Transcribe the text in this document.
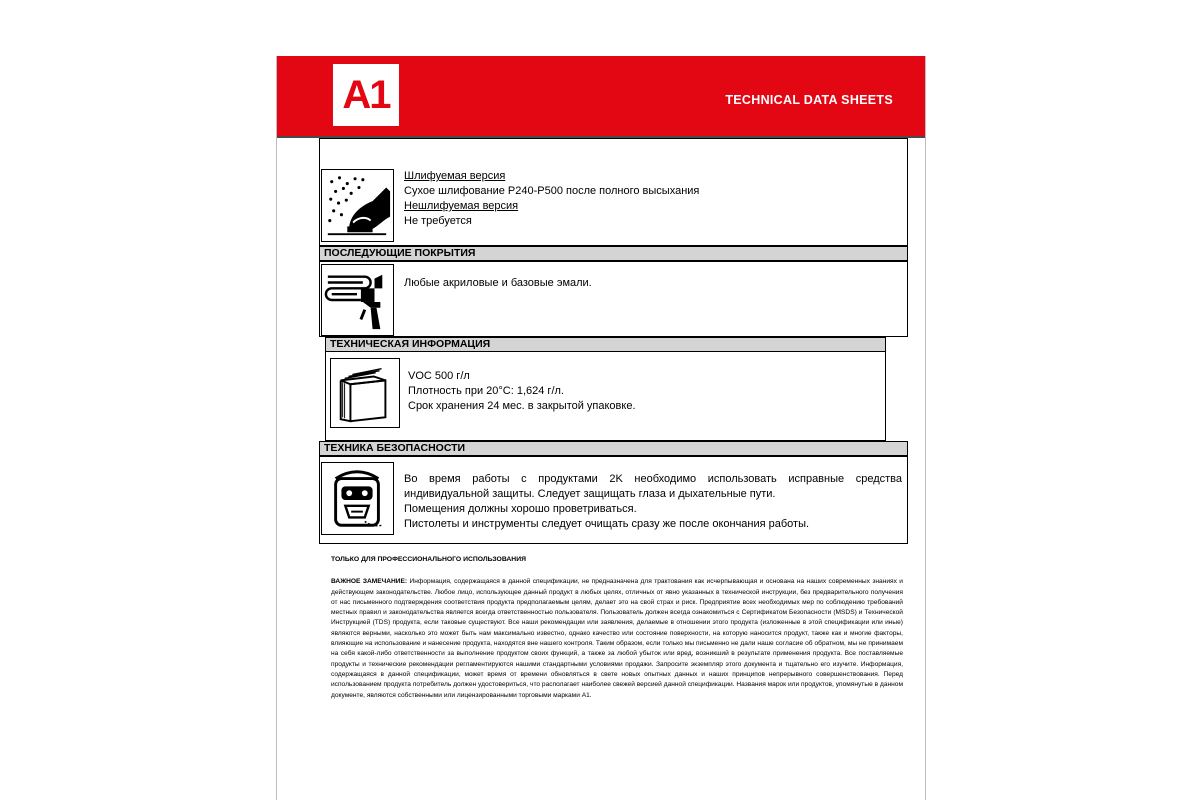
A1	TECHNICAL DATA SHEETS
Шлифуемая версия
Сухое шлифование P240-P500 после полного высыхания
Нешлифуемая версия
Не требуется
ПОСЛЕДУЮЩИЕ ПОКРЫТИЯ
Любые акриловые и базовые эмали.
ТЕХНИЧЕСКАЯ ИНФОРМАЦИЯ
VOC 500 г/л
Плотность при 20°C: 1,624 г/л.
Срок хранения 24 мес. в закрытой упаковке.
ТЕХНИКА БЕЗОПАСНОСТИ
Во время работы с продуктами 2K необходимо использовать исправные средства индивидуальной защиты. Следует защищать глаза и дыхательные пути.
Помещения должны хорошо проветриваться.
Пистолеты и инструменты следует очищать сразу же после окончания работы.
ТОЛЬКО ДЛЯ ПРОФЕССИОНАЛЬНОГО ИСПОЛЬЗОВАНИЯ
ВАЖНОЕ ЗАМЕЧАНИЕ: Информация, содержащаяся в данной спецификации, не предназначена для трактования как исчерпывающая и основана на наших современных знаниях и действующем законодательстве. Любое лицо, использующее данный продукт в любых целях, отличных от явно указанных в технической инструкции, без предварительного получения от нас письменного подтверждения соответствия продукта предполагаемым целям, делает это на свой страх и риск. Предприятие всех необходимых мер по соблюдению требований местных правил и законодательства является всегда ответственностью пользователя. Пользователь должен всегда ознакомиться с Сертификатом Безопасности (MSDS) и Технической Инструкцией (TDS) продукта, если таковые существуют. Все наши рекомендации или заявления, делаемые в отношении этого продукта (изложенные в этой спецификации или иные) являются верными, насколько это может быть нам максимально известно, однако качество или состояние поверхности, на которую наносится продукт, также как и многие факторы, влияющие на использование и нанесение продукта, находятся вне нашего контроля. Таким образом, если только мы письменно не дали наше согласие об обратном, мы не принимаем на себя какой-либо ответственности за выполнение продуктом своих функций, а также за любой убыток или вред, возникший в результате применения продукта. Все поставляемые продукты и технические рекомендации регламентируются нашими стандартными условиями продажи. Запросите экземпляр этого документа и тщательно его изучите. Информация, содержащаяся в данной спецификации, может время от времени обновляться в свете новых опытных данных и наших принципов непрерывного совершенствования. Перед использованием продукта потребитель должен удостовериться, что располагает наиболее свежей версией данной спецификации. Названия марок или продуктов, упомянутые в данном документе, являются собственными или лицензированными торговыми марками A1.
